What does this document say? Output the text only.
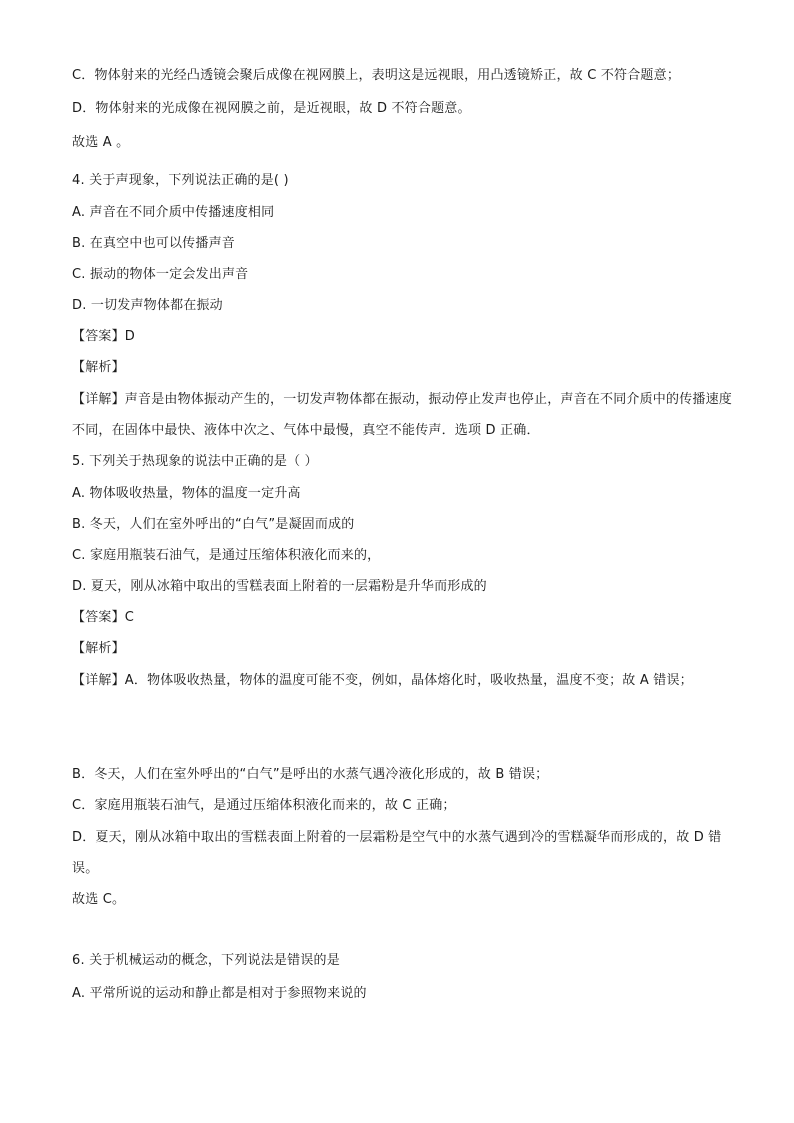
C．物体射来的光经凸透镜会聚后成像在视网膜上，表明这是远视眼，用凸透镜矫正，故 C 不符合题意；
D．物体射来的光成像在视网膜之前，是近视眼，故 D 不符合题意。
故选 A 。
4. 关于声现象，下列说法正确的是( )
A. 声音在不同介质中传播速度相同
B. 在真空中也可以传播声音
C. 振动的物体一定会发出声音
D. 一切发声物体都在振动
【答案】D
【解析】
【详解】声音是由物体振动产生的，一切发声物体都在振动，振动停止发声也停止，声音在不同介质中的传播速度不同，在固体中最快、液体中次之、气体中最慢，真空不能传声．选项 D 正确．
5. 下列关于热现象的说法中正确的是（ ）
A. 物体吸收热量，物体的温度一定升高
B. 冬天，人们在室外呼出的“白气”是凝固而成的
C. 家庭用瓶装石油气，是通过压缩体积液化而来的，
D. 夏天，刚从冰箱中取出的雪糕表面上附着的一层霜粉是升华而形成的
【答案】C
【解析】
【详解】A．物体吸收热量，物体的温度可能不变，例如，晶体熔化时，吸收热量，温度不变；故 A 错误；
B．冬天，人们在室外呼出的“白气”是呼出的水蒸气遇冷液化形成的，故 B 错误；
C．家庭用瓶装石油气，是通过压缩体积液化而来的，故 C 正确；
D．夏天，刚从冰箱中取出的雪糕表面上附着的一层霜粉是空气中的水蒸气遇到冷的雪糕凝华而形成的，故 D 错误。
故选 C。
6. 关于机械运动的概念，下列说法是错误的是
A. 平常所说的运动和静止都是相对于参照物来说的
